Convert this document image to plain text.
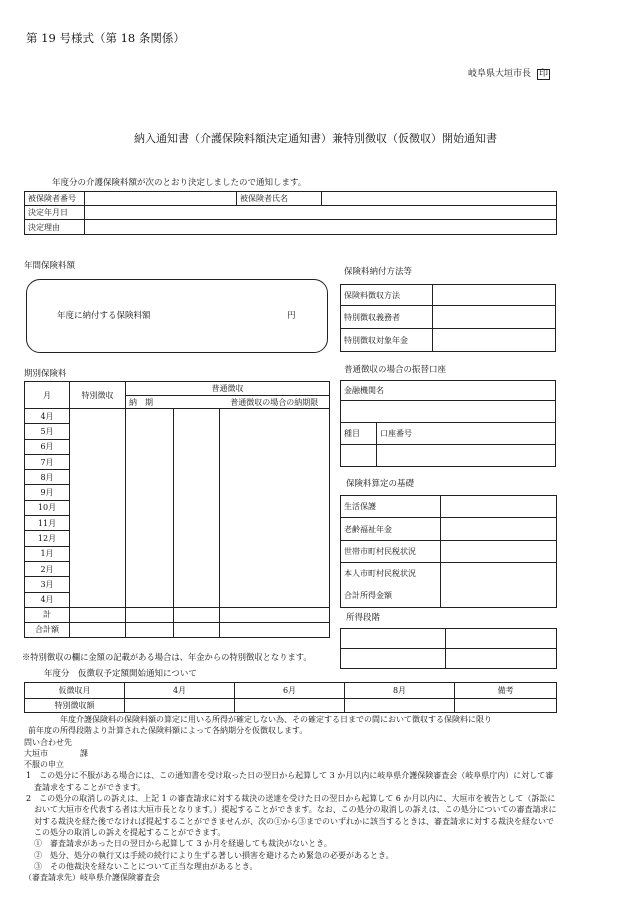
第 19 号様式（第 18 条関係）
岐阜県大垣市長 印
納入通知書（介護保険料額決定通知書）兼特別徴収（仮徴収）開始通知書
年度分の介護保険料額が次のとおり決定しましたので通知します。
被保険者番号		被保険者氏名	
決定年月日			
決定理由			
年間保険料額
年度に納付する保険料額	円
保険料納付方法等
保険料徴収方法	
特別徴収義務者	
特別徴収対象年金	
期別保険料
月	特別徴収	普通徴収		
		納　期		普通徴収の場合の納期限
4月				
5月				
6月				
7月				
8月				
9月				
10月				
11月				
12月				
1月				
2月				
3月				
4月				
計				
合計額				
普通徴収の場合の振替口座
金融機関名	

種目	口座番号

保険料算定の基礎
生活保護	
老齢福祉年金	
世帯市町村民税状況	

本人市町村民税状況
合計所得金額	

所得段階

※特別徴収の欄に金額の記載がある場合は、年金からの特別徴収となります。
年度分　仮徴収予定額開始通知について
仮徴収月	4月	6月	8月	備考
特別徴収額				
年度介護保険料の保険料額の算定に用いる所得が確定しない為、その確定する日までの間において徴収する保険料に限り
前年度の所得段階より計算された保険料額によって各納期分を仮徴収します。
問い合わせ先
大垣市　　　　課
不服の申立
1　この処分に不服がある場合には、この通知書を受け取った日の翌日から起算して 3 か月以内に岐阜県介護保険審査会（岐阜県庁内）に対して審
査請求をすることができます。
2　この処分の取消しの訴えは、上記 1 の審査請求に対する裁決の送達を受けた日の翌日から起算して 6 か月以内に、大垣市を被告として（訴訟に
おいて大垣市を代表する者は大垣市長となります。）提起することができます。なお、この処分の取消しの訴えは、この処分についての審査請求に
対する裁決を経た後でなければ提起することができませんが、次の①から③までのいずれかに該当するときは、審査請求に対する裁決を経ないで
この処分の取消しの訴えを提起することができます。
①　審査請求があった日の翌日から起算して 3 か月を経過しても裁決がないとき。
②　処分、処分の執行又は手続の続行により生ずる著しい損害を避けるため緊急の必要があるとき。
③　その他裁決を経ないことについて正当な理由があるとき。
（審査請求先）岐阜県介護保険審査会
